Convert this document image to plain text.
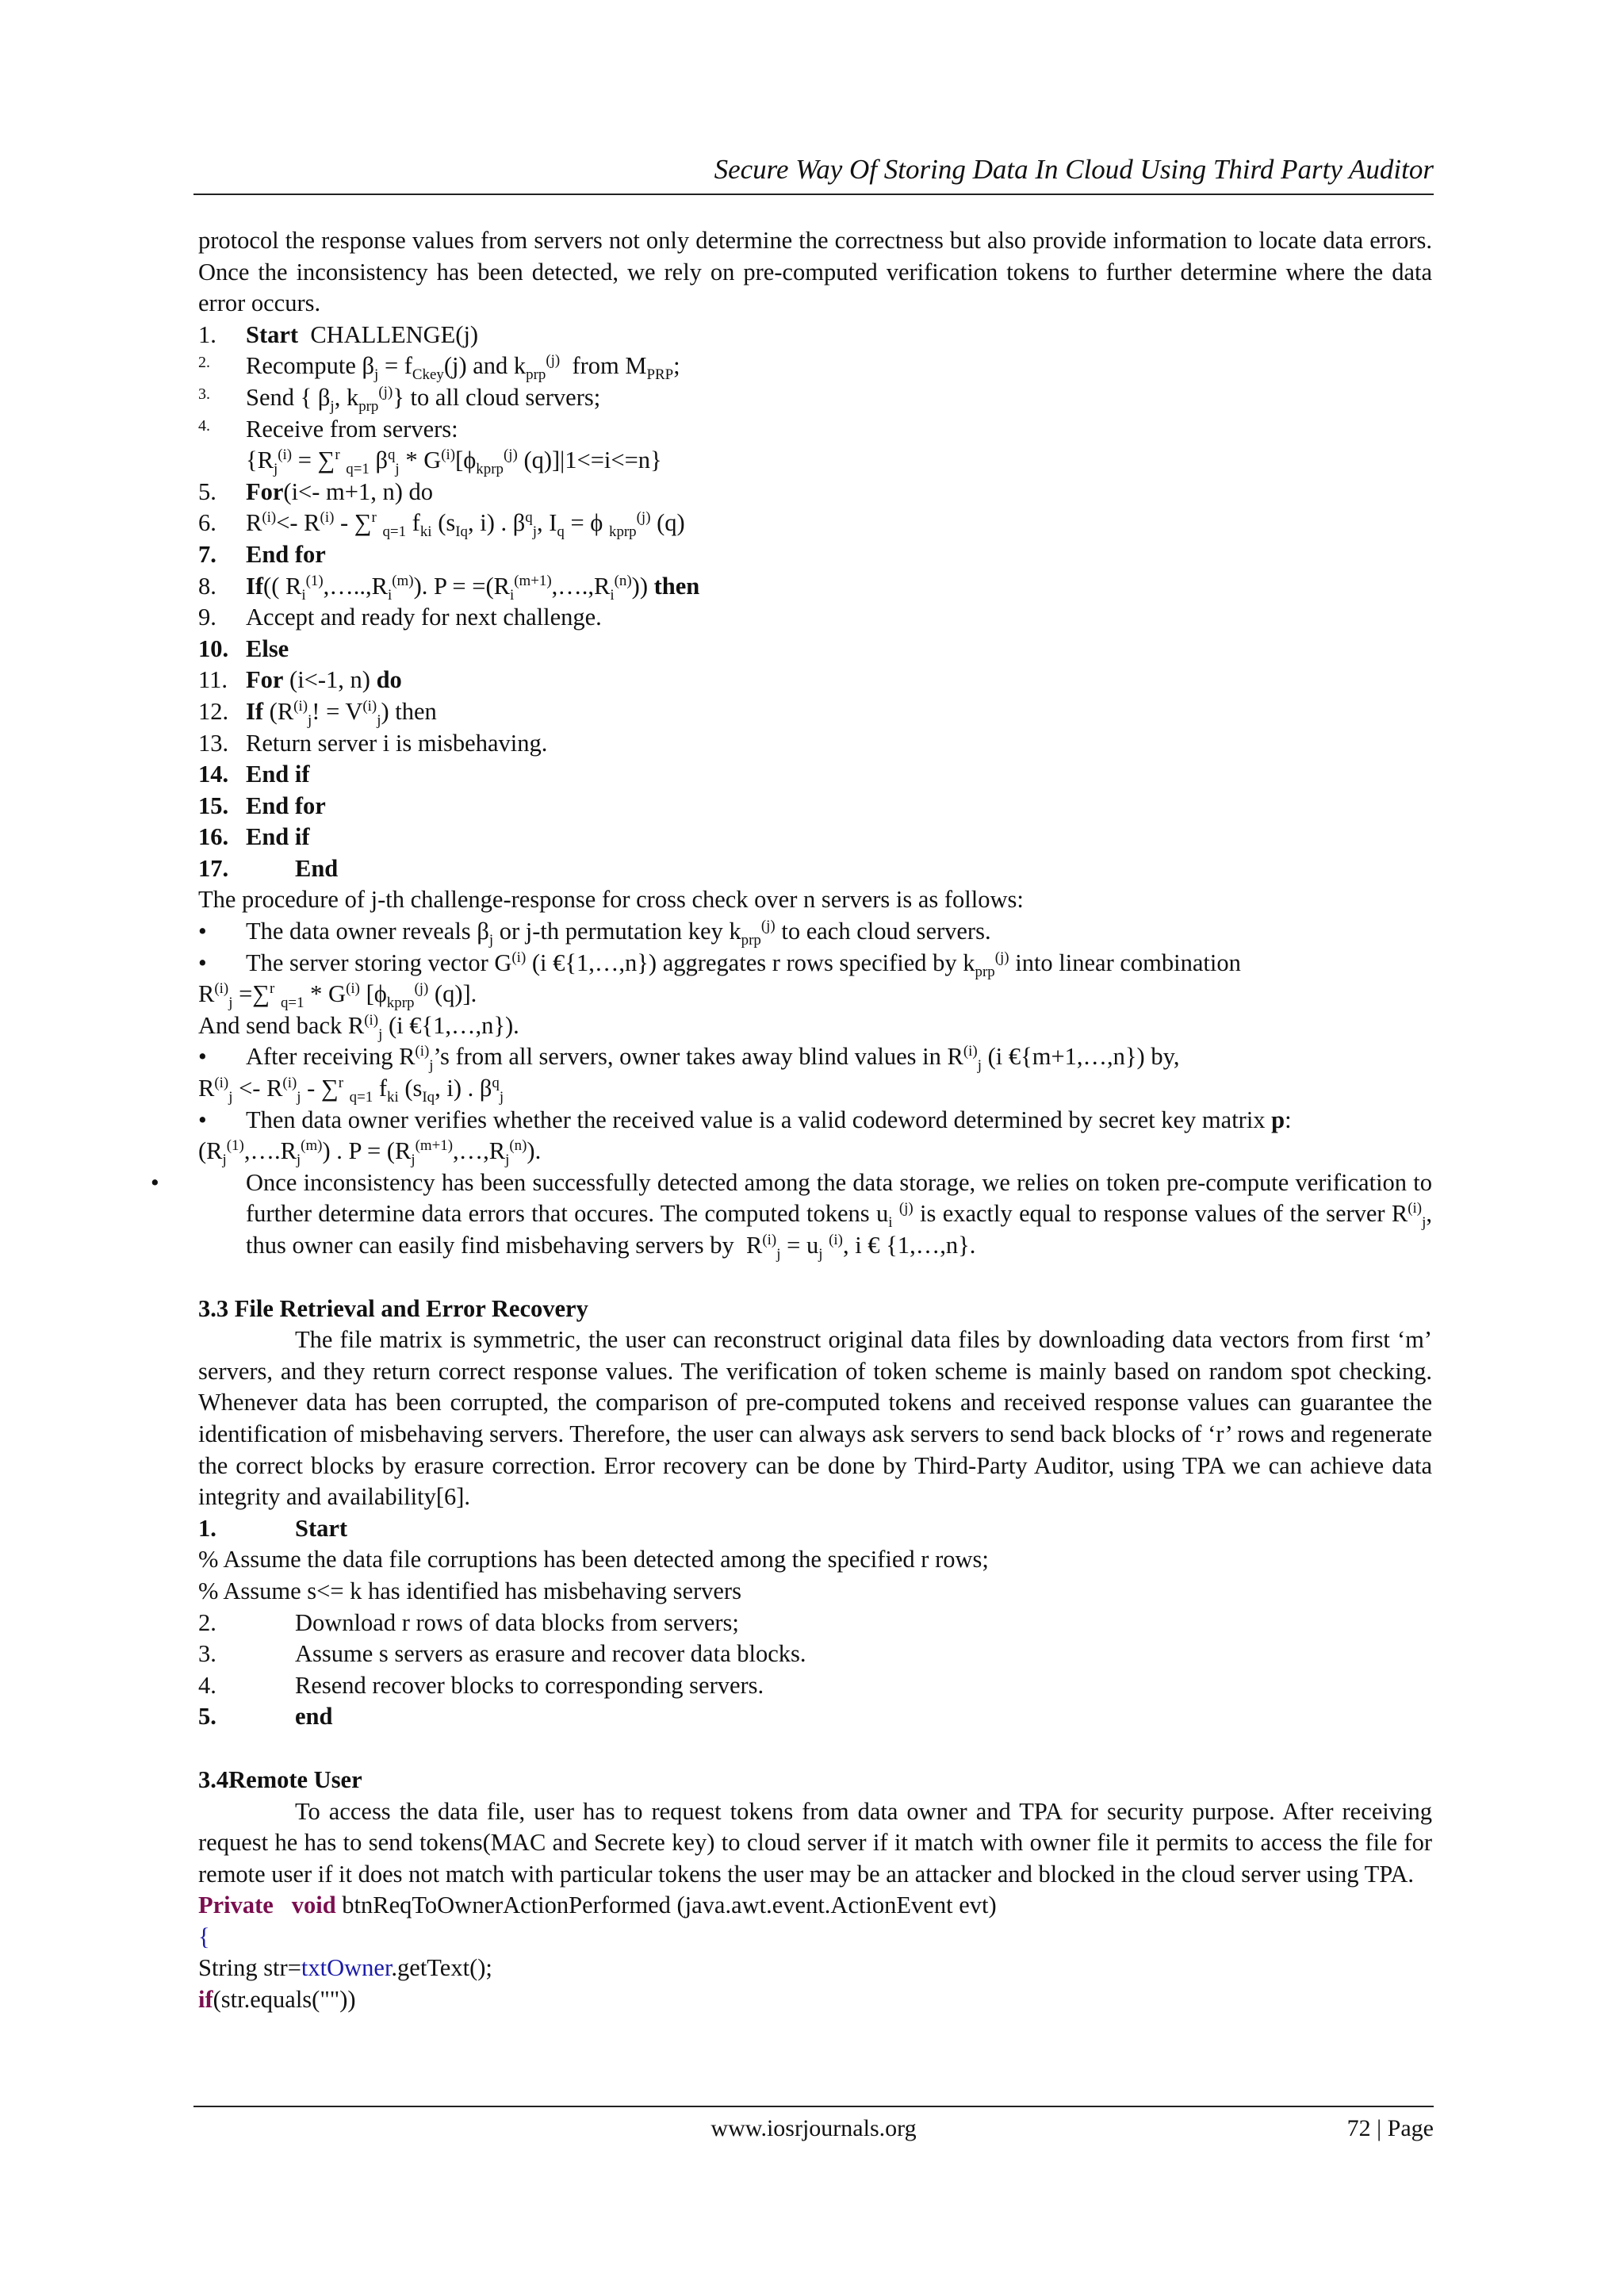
Secure Way Of Storing Data In Cloud Using Third Party Auditor

protocol the response values from servers not only determine the correctness but also provide information to locate data errors. Once the inconsistency has been detected, we rely on pre-computed verification tokens to further determine where the data error occurs.

1. Start CHALLENGE(j)
2. Recompute $\beta_j = f_{Ckey}(j)$ and $k_{prp}^{(j)}$  from $M_{PRP}$;
3. Send { $\beta_j$, $k_{prp}^{(j)}$} to all cloud servers;
4. Receive from servers:
{$R_j^{(i)} = \sum^r$ $_{q=1}$ $\beta^q_j * G^{(i)}[\phi_{kprp}^{(j)}$ (q)]|1<=i<=n}
5. For(i<- m+1, n) do
6. $R^{(i)}<-$ $R^{(i)} - \sum^r$ $_{q=1}$ $f_{ki}$ ($s_{Iq}$, i) . $\beta^q_j$, $I_q = \phi$ $_{kprp}^{(j)}$ (q)
7. End for
8. If(( $R_i^{(1)},\dots..,R_i^{(m)}$). $P = =(R_i^{(m+1)},\dots.,R_i^{(n)})$) then
9. Accept and ready for next challenge.
10. Else
11. For (i<-1, n) do
12. If ($R^{(i)}_j$! = $V^{(i)}_j$) then
13. Return server i is misbehaving.
14. End if
15. End for
16. End if
17.	End
The procedure of j-th challenge-response for cross check over n servers is as follows:
• The data owner reveals $\beta_j$ or j-th permutation key $k_{prp}^{(j)}$ to each cloud servers.
• The server storing vector $G^{(i)}$ (i €{1,…,n}) aggregates r rows specified by $k_{prp}^{(j)}$ into linear combination
$R^{(i)}_j =\sum^r$ $_{q=1} * G^{(i)}$ [$\phi_{kprp}^{(j)}$ (q)].
And send back $R^{(i)}_j$ (i €{1,…,n}).
• After receiving $R^{(i)}_j’s$ from all servers, owner takes away blind values in $R^{(i)}_j$ (i €{m+1,…,n}) by,
$R^{(i)}_j <- R^{(i)}_j - \sum^r$ $_{q=1}$ $f_{ki}$ ($s_{Iq}$, i) . $\beta^q_j$
• Then data owner verifies whether the received value is a valid codeword determined by secret key matrix p:
$(R_j^{(1)},\dots.R_j^{(m)})$ . $P = (R_j^{(m+1)},\dots,R_j^{(n)})$.
•	Once inconsistency has been successfully detected among the data storage, we relies on token pre-compute verification to further determine data errors that occures. The computed tokens $u_i$ $^{(j)}$ is exactly equal to response values of the server $R^{(i)}_j$, thus owner can easily find misbehaving servers by  $R^{(i)}_j = u_j$ $^{(i)}$, i € {1,…,n}.
3.3 File Retrieval and Error Recovery

The file matrix is symmetric, the user can reconstruct original data files by downloading data vectors from first ‘m’ servers, and they return correct response values. The verification of token scheme is mainly based on random spot checking. Whenever data has been corrupted, the comparison of pre-computed tokens and received response values can guarantee the identification of misbehaving servers. Therefore, the user can always ask servers to send back blocks of ‘r’ rows and regenerate the correct blocks by erasure correction. Error recovery can be done by Third-Party Auditor, using TPA we can achieve data integrity and availability[6].

1.	Start
% Assume the data file corruptions has been detected among the specified r rows;
% Assume s<= k has identified has misbehaving servers
2.	Download r rows of data blocks from servers;
3.	Assume s servers as erasure and recover data blocks.
4.	Resend recover blocks to corresponding servers.
5.	end
3.4Remote User

To access the data file, user has to request tokens from data owner and TPA for security purpose. After receiving request he has to send tokens(MAC and Secrete key) to cloud server if it match with owner file it permits to access the file for remote user if it does not match with particular tokens the user may be an attacker and blocked in the cloud server using TPA.

Private void btnReqToOwnerActionPerformed (java.awt.event.ActionEvent evt)
{
String str=txtOwner.getText();
if(str.equals(""))
www.iosrjournals.org	72 | Page
